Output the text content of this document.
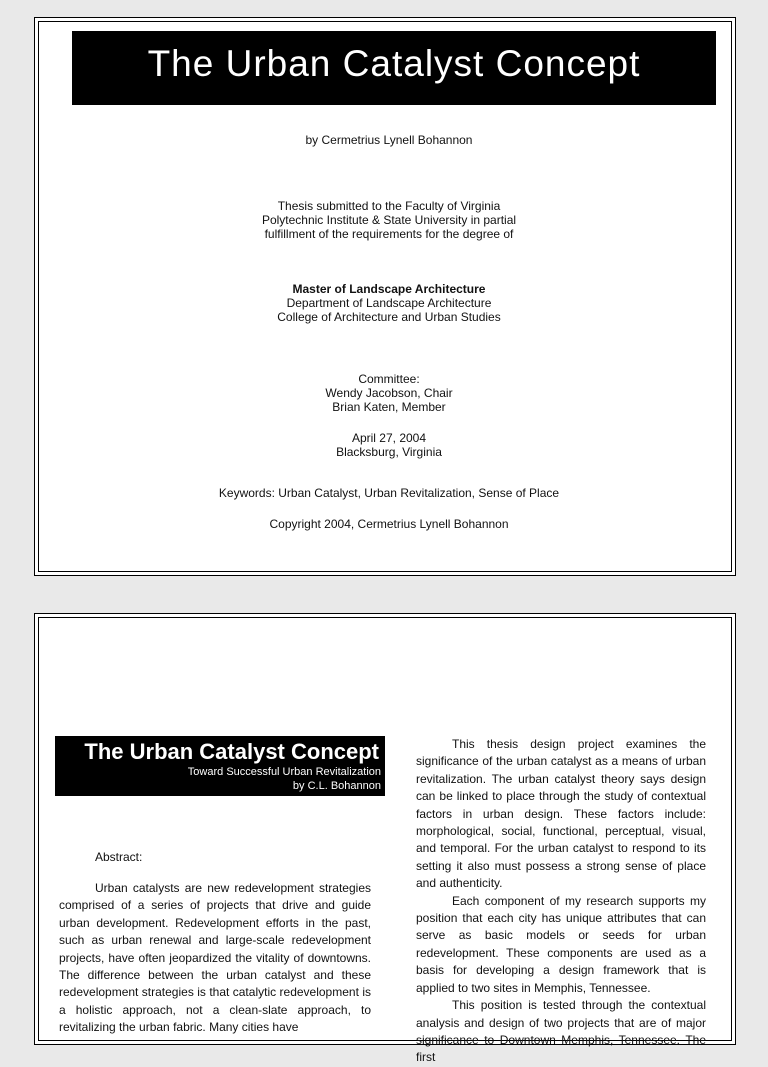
The Urban Catalyst Concept
by Cermetrius Lynell Bohannon
Thesis submitted to the Faculty of Virginia
Polytechnic Institute & State University in partial
fulfillment of the requirements for the degree of
Master of Landscape Architecture
Department of Landscape Architecture
College of Architecture and Urban Studies
Committee:
Wendy Jacobson, Chair
Brian Katen, Member
April 27, 2004
Blacksburg, Virginia
Keywords: Urban Catalyst, Urban Revitalization, Sense of Place
Copyright 2004, Cermetrius Lynell Bohannon
The Urban Catalyst Concept
Toward Successful Urban Revitalization
by C.L. Bohannon
Abstract:

Urban catalysts are new redevelopment strategies comprised of a series of projects that drive and guide urban development. Redevelopment efforts in the past, such as urban renewal and large-scale redevelopment projects, have often jeopardized the vitality of downtowns. The difference between the urban catalyst and these redevelopment strategies is that catalytic redevelopment is a holistic approach, not a clean-slate approach, to revitalizing the urban fabric. Many cities have

This thesis design project examines the significance of the urban catalyst as a means of urban revitalization. The urban catalyst theory says design can be linked to place through the study of contextual factors in urban design. These factors include: morphological, social, functional, perceptual, visual, and temporal. For the urban catalyst to respond to its setting it also must possess a strong sense of place and authenticity.

Each component of my research supports my position that each city has unique attributes that can serve as basic models or seeds for urban redevelopment. These components are used as a basis for developing a design framework that is applied to two sites in Memphis, Tennessee.

This position is tested through the contextual analysis and design of two projects that are of major significance to Downtown Memphis, Tennessee. The first
